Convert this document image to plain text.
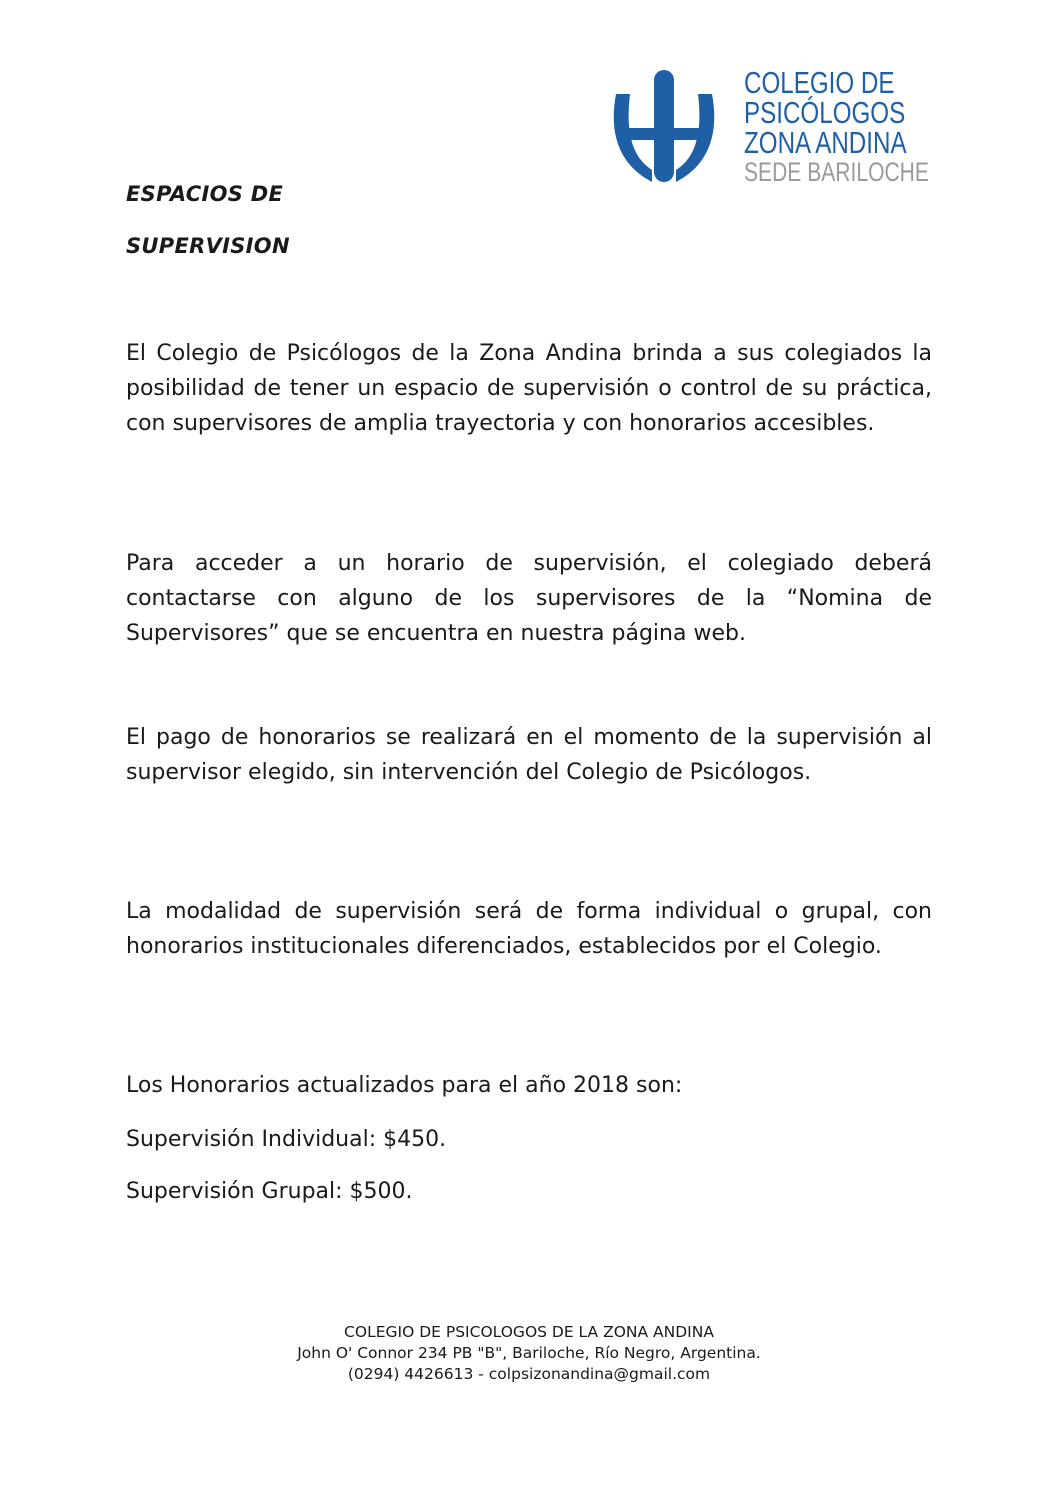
COLEGIO DE
PSICÓLOGOS
ZONA ANDINA
SEDE BARILOCHE
ESPACIOS DE
SUPERVISION

El Colegio de Psicólogos de la Zona Andina brinda a sus colegiados la posibilidad de tener un espacio de supervisión o control de su práctica, con supervisores de amplia trayectoria y con honorarios accesibles.

Para acceder a un horario de supervisión, el colegiado deberá contactarse con alguno de los supervisores de la “Nomina de Supervisores” que se encuentra en nuestra página web.

El pago de honorarios se realizará en el momento de la supervisión al supervisor elegido, sin intervención del Colegio de Psicólogos.

La modalidad de supervisión será de forma individual o grupal, con honorarios institucionales diferenciados, establecidos por el Colegio.

Los Honorarios actualizados para el año 2018 son:

Supervisión Individual: $450.

Supervisión Grupal: $500.

COLEGIO DE PSICOLOGOS DE LA ZONA ANDINA
John O' Connor 234 PB "B", Bariloche, Río Negro, Argentina.
(0294) 4426613 - colpsizonandina@gmail.com
